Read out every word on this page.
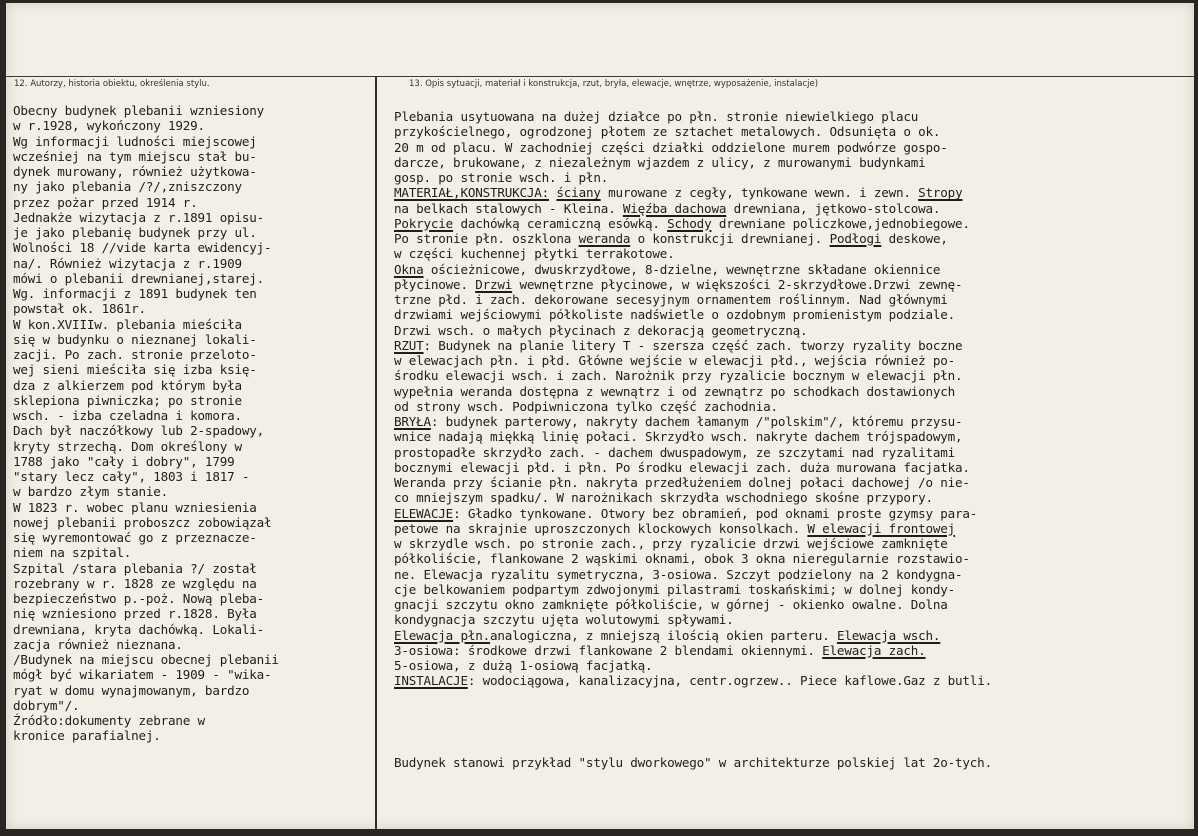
12. Autorzy, historia obiektu, określenia stylu.	13. Opis sytuacji, materiał i konstrukcja, rzut, bryła, elewacje, wnętrze, wyposażenie, instalacje)

Obecny budynek plebanii wzniesiony

w r.1928, wykończony 1929.

Wg informacji ludności miejscowej

wcześniej na tym miejscu stał bu-

dynek murowany, również użytkowa-

ny jako plebania /?/,zniszczony

przez pożar przed 1914 r.

Jednakże wizytacja z r.1891 opisu-

je jako plebanię budynek przy ul.

Wolności 18 //vide karta ewidencyj-

na/. Również wizytacja z r.1909

mówi o plebanii drewnianej,starej.

Wg. informacji z 1891 budynek ten

powstał ok. 1861r.

W kon.XVIIIw. plebania mieściła

się w budynku o nieznanej lokali-

zacji. Po zach. stronie przeloto-

wej sieni mieściła się izba księ-

dza z alkierzem pod którym była

sklepiona piwniczka; po stronie

wsch. - izba czeladna i komora.

Dach był naczółkowy lub 2-spadowy,

kryty strzechą. Dom określony w

1788 jako "cały i dobry", 1799

"stary lecz cały", 1803 i 1817 -

w bardzo złym stanie.

W 1823 r. wobec planu wzniesienia

nowej plebanii proboszcz zobowiązał

się wyremontować go z przeznacze-

niem na szpital.

Szpital /stara plebania ?/ został

rozebrany w r. 1828 ze względu na

bezpieczeństwo p.-poż. Nową pleba-

nię wzniesiono przed r.1828. Była

drewniana, kryta dachówką. Lokali-

zacja również nieznana.

/Budynek na miejscu obecnej plebanii

mógł być wikariatem - 1909 - "wika-

ryat w domu wynajmowanym, bardzo

dobrym"/.

Źródło:dokumenty zebrane w

kronice parafialnej.

Plebania usytuowana na dużej działce po płn. stronie niewielkiego placu

przykościelnego, ogrodzonej płotem ze sztachet metalowych. Odsunięta o ok.

20 m od placu. W zachodniej części działki oddzielone murem podwórze gospo-

darcze, brukowane, z niezależnym wjazdem z ulicy, z murowanymi budynkami

gosp. po stronie wsch. i płn.

MATERIAŁ,KONSTRUKCJA: ściany murowane z cegły, tynkowane wewn. i zewn. Stropy

na belkach stalowych - Kleina. Więźba dachowa drewniana, jętkowo-stolcowa.

Pokrycie dachówką ceramiczną esówką. Schody drewniane policzkowe,jednobiegowe.

Po stronie płn. oszklona weranda o konstrukcji drewnianej. Podłogi deskowe,

w części kuchennej płytki terrakotowe.

Okna ościeżnicowe, dwuskrzydłowe, 8-dzielne, wewnętrzne składane okiennice

płycinowe. Drzwi wewnętrzne płycinowe, w większości 2-skrzydłowe.Drzwi zewnę-

trzne płd. i zach. dekorowane secesyjnym ornamentem roślinnym. Nad głównymi

drzwiami wejściowymi półkoliste nadświetle o ozdobnym promienistym podziale.

Drzwi wsch. o małych płycinach z dekoracją geometryczną.

RZUT: Budynek na planie litery T - szersza część zach. tworzy ryzality boczne

w elewacjach płn. i płd. Główne wejście w elewacji płd., wejścia również po-

środku elewacji wsch. i zach. Narożnik przy ryzalicie bocznym w elewacji płn.

wypełnia weranda dostępna z wewnątrz i od zewnątrz po schodkach dostawionych

od strony wsch. Podpiwniczona tylko część zachodnia.

BRYŁA: budynek parterowy, nakryty dachem łamanym /"polskim"/, któremu przysu-

wnice nadają miękką linię połaci. Skrzydło wsch. nakryte dachem trójspadowym,

prostopadłe skrzydło zach. - dachem dwuspadowym, ze szczytami nad ryzalitami

bocznymi elewacji płd. i płn. Po środku elewacji zach. duża murowana facjatka.

Weranda przy ścianie płn. nakryta przedłużeniem dolnej połaci dachowej /o nie-

co mniejszym spadku/. W narożnikach skrzydła wschodniego skośne przypory.

ELEWACJE: Gładko tynkowane. Otwory bez obramień, pod oknami proste gzymsy para-

petowe na skrajnie uproszczonych klockowych konsolkach. W elewacji frontowej

w skrzydle wsch. po stronie zach., przy ryzalicie drzwi wejściowe zamknięte

półkoliście, flankowane 2 wąskimi oknami, obok 3 okna nieregularnie rozstawio-

ne. Elewacja ryzalitu symetryczna, 3-osiowa. Szczyt podzielony na 2 kondygna-

cje belkowaniem podpartym zdwojonymi pilastrami toskańskimi; w dolnej kondy-

gnacji szczytu okno zamknięte półkoliście, w górnej - okienko owalne. Dolna

kondygnacja szczytu ujęta wolutowymi spływami.

Elewacja płn.analogiczna, z mniejszą ilością okien parteru. Elewacja wsch.

3-osiowa: środkowe drzwi flankowane 2 blendami okiennymi. Elewacja zach.

5-osiowa, z dużą 1-osiową facjatką.

INSTALACJE: wodociągowa, kanalizacyjna, centr.ogrzew.. Piece kaflowe.Gaz z butli.

Budynek stanowi przykład "stylu dworkowego" w architekturze polskiej lat 2o-tych.
